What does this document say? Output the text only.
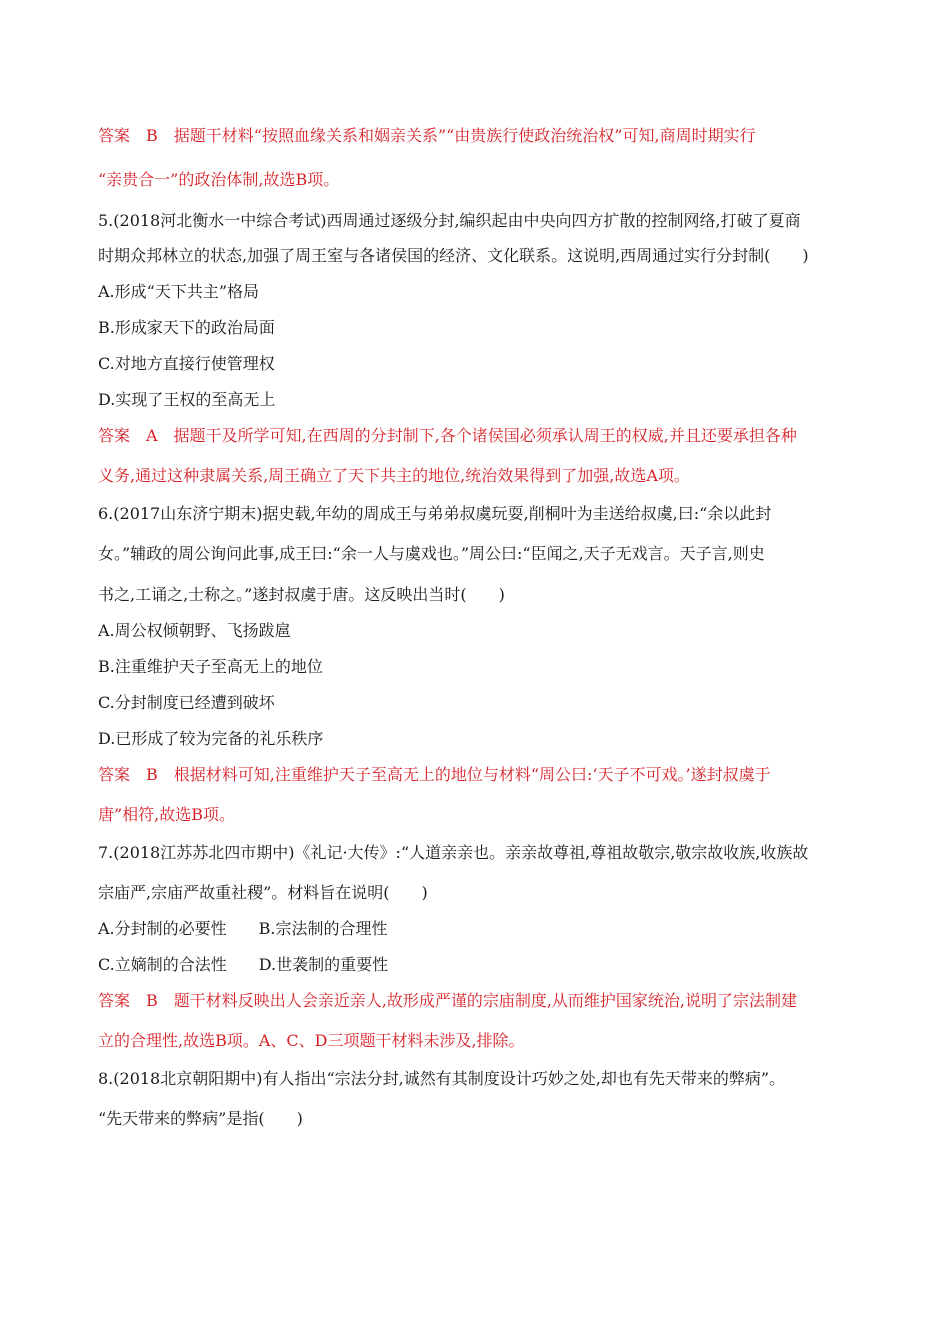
答案　B　据题干材料“按照血缘关系和姻亲关系”“由贵族行使政治统治权”可知,商周时期实行
“亲贵合一”的政治体制,故选B项。
5.(2018河北衡水一中综合考试)西周通过逐级分封,编织起由中央向四方扩散的控制网络,打破了夏商
时期众邦林立的状态,加强了周王室与各诸侯国的经济、文化联系。这说明,西周通过实行分封制(　　)
A.形成“天下共主”格局
B.形成家天下的政治局面
C.对地方直接行使管理权
D.实现了王权的至高无上
答案　A　据题干及所学可知,在西周的分封制下,各个诸侯国必须承认周王的权威,并且还要承担各种
义务,通过这种隶属关系,周王确立了天下共主的地位,统治效果得到了加强,故选A项。
6.(2017山东济宁期末)据史载,年幼的周成王与弟弟叔虞玩耍,削桐叶为圭送给叔虞,曰:“余以此封
女。”辅政的周公询问此事,成王曰:“余一人与虞戏也。”周公曰:“臣闻之,天子无戏言。天子言,则史
书之,工诵之,士称之。”遂封叔虞于唐。这反映出当时(　　)
A.周公权倾朝野、飞扬跋扈
B.注重维护天子至高无上的地位
C.分封制度已经遭到破坏
D.已形成了较为完备的礼乐秩序
答案　B　根据材料可知,注重维护天子至高无上的地位与材料“周公曰:‘天子不可戏。’遂封叔虞于
唐”相符,故选B项。
7.(2018江苏苏北四市期中)《礼记·大传》:“人道亲亲也。亲亲故尊祖,尊祖故敬宗,敬宗故收族,收族故
宗庙严,宗庙严故重社稷”。材料旨在说明(　　)
A.分封制的必要性　　B.宗法制的合理性
C.立嫡制的合法性　　D.世袭制的重要性
答案　B　题干材料反映出人会亲近亲人,故形成严谨的宗庙制度,从而维护国家统治,说明了宗法制建
立的合理性,故选B项。A、C、D三项题干材料未涉及,排除。
8.(2018北京朝阳期中)有人指出“宗法分封,诚然有其制度设计巧妙之处,却也有先天带来的弊病”。
“先天带来的弊病”是指(　　)
